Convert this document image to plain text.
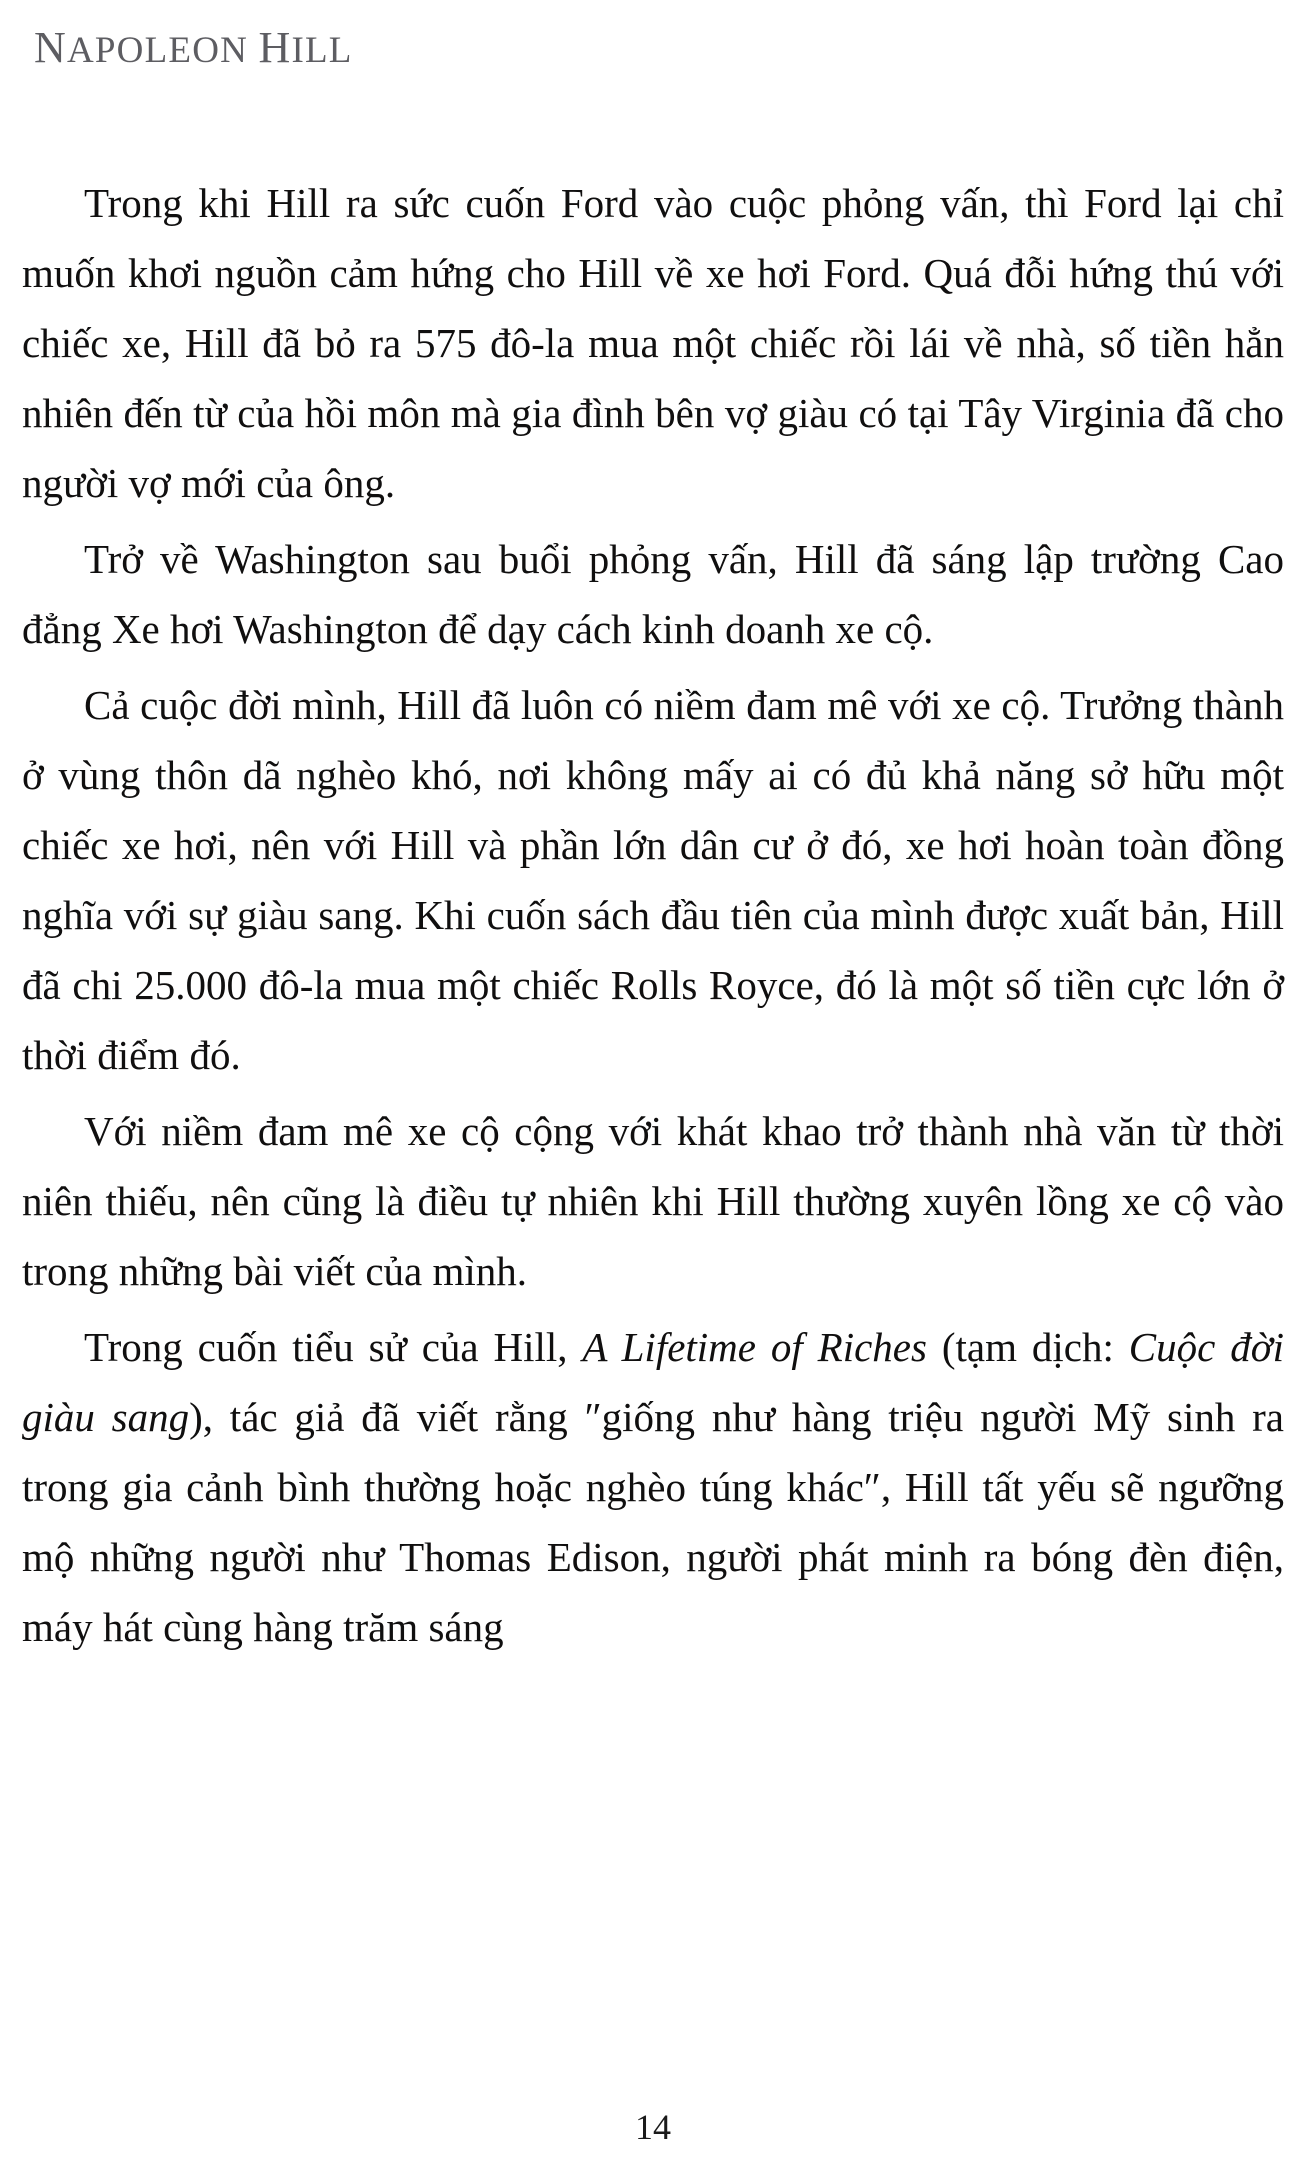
NAPOLEON HILL

Trong khi Hill ra sức cuốn Ford vào cuộc phỏng vấn, thì Ford lại chỉ muốn khơi nguồn cảm hứng cho Hill về xe hơi Ford. Quá đỗi hứng thú với chiếc xe, Hill đã bỏ ra 575 đô-la mua một chiếc rồi lái về nhà, số tiền hẳn nhiên đến từ của hồi môn mà gia đình bên vợ giàu có tại Tây Virginia đã cho người vợ mới của ông.

Trở về Washington sau buổi phỏng vấn, Hill đã sáng lập trường Cao đẳng Xe hơi Washington để dạy cách kinh doanh xe cộ.

Cả cuộc đời mình, Hill đã luôn có niềm đam mê với xe cộ. Trưởng thành ở vùng thôn dã nghèo khó, nơi không mấy ai có đủ khả năng sở hữu một chiếc xe hơi, nên với Hill và phần lớn dân cư ở đó, xe hơi hoàn toàn đồng nghĩa với sự giàu sang. Khi cuốn sách đầu tiên của mình được xuất bản, Hill đã chi 25.000 đô-la mua một chiếc Rolls Royce, đó là một số tiền cực lớn ở thời điểm đó.

Với niềm đam mê xe cộ cộng với khát khao trở thành nhà văn từ thời niên thiếu, nên cũng là điều tự nhiên khi Hill thường xuyên lồng xe cộ vào trong những bài viết của mình.

Trong cuốn tiểu sử của Hill, A Lifetime of Riches (tạm dịch: Cuộc đời giàu sang), tác giả đã viết rằng ″giống như hàng triệu người Mỹ sinh ra trong gia cảnh bình thường hoặc nghèo túng khác″, Hill tất yếu sẽ ngưỡng mộ những người như Thomas Edison, người phát minh ra bóng đèn điện, máy hát cùng hàng trăm sáng

14
